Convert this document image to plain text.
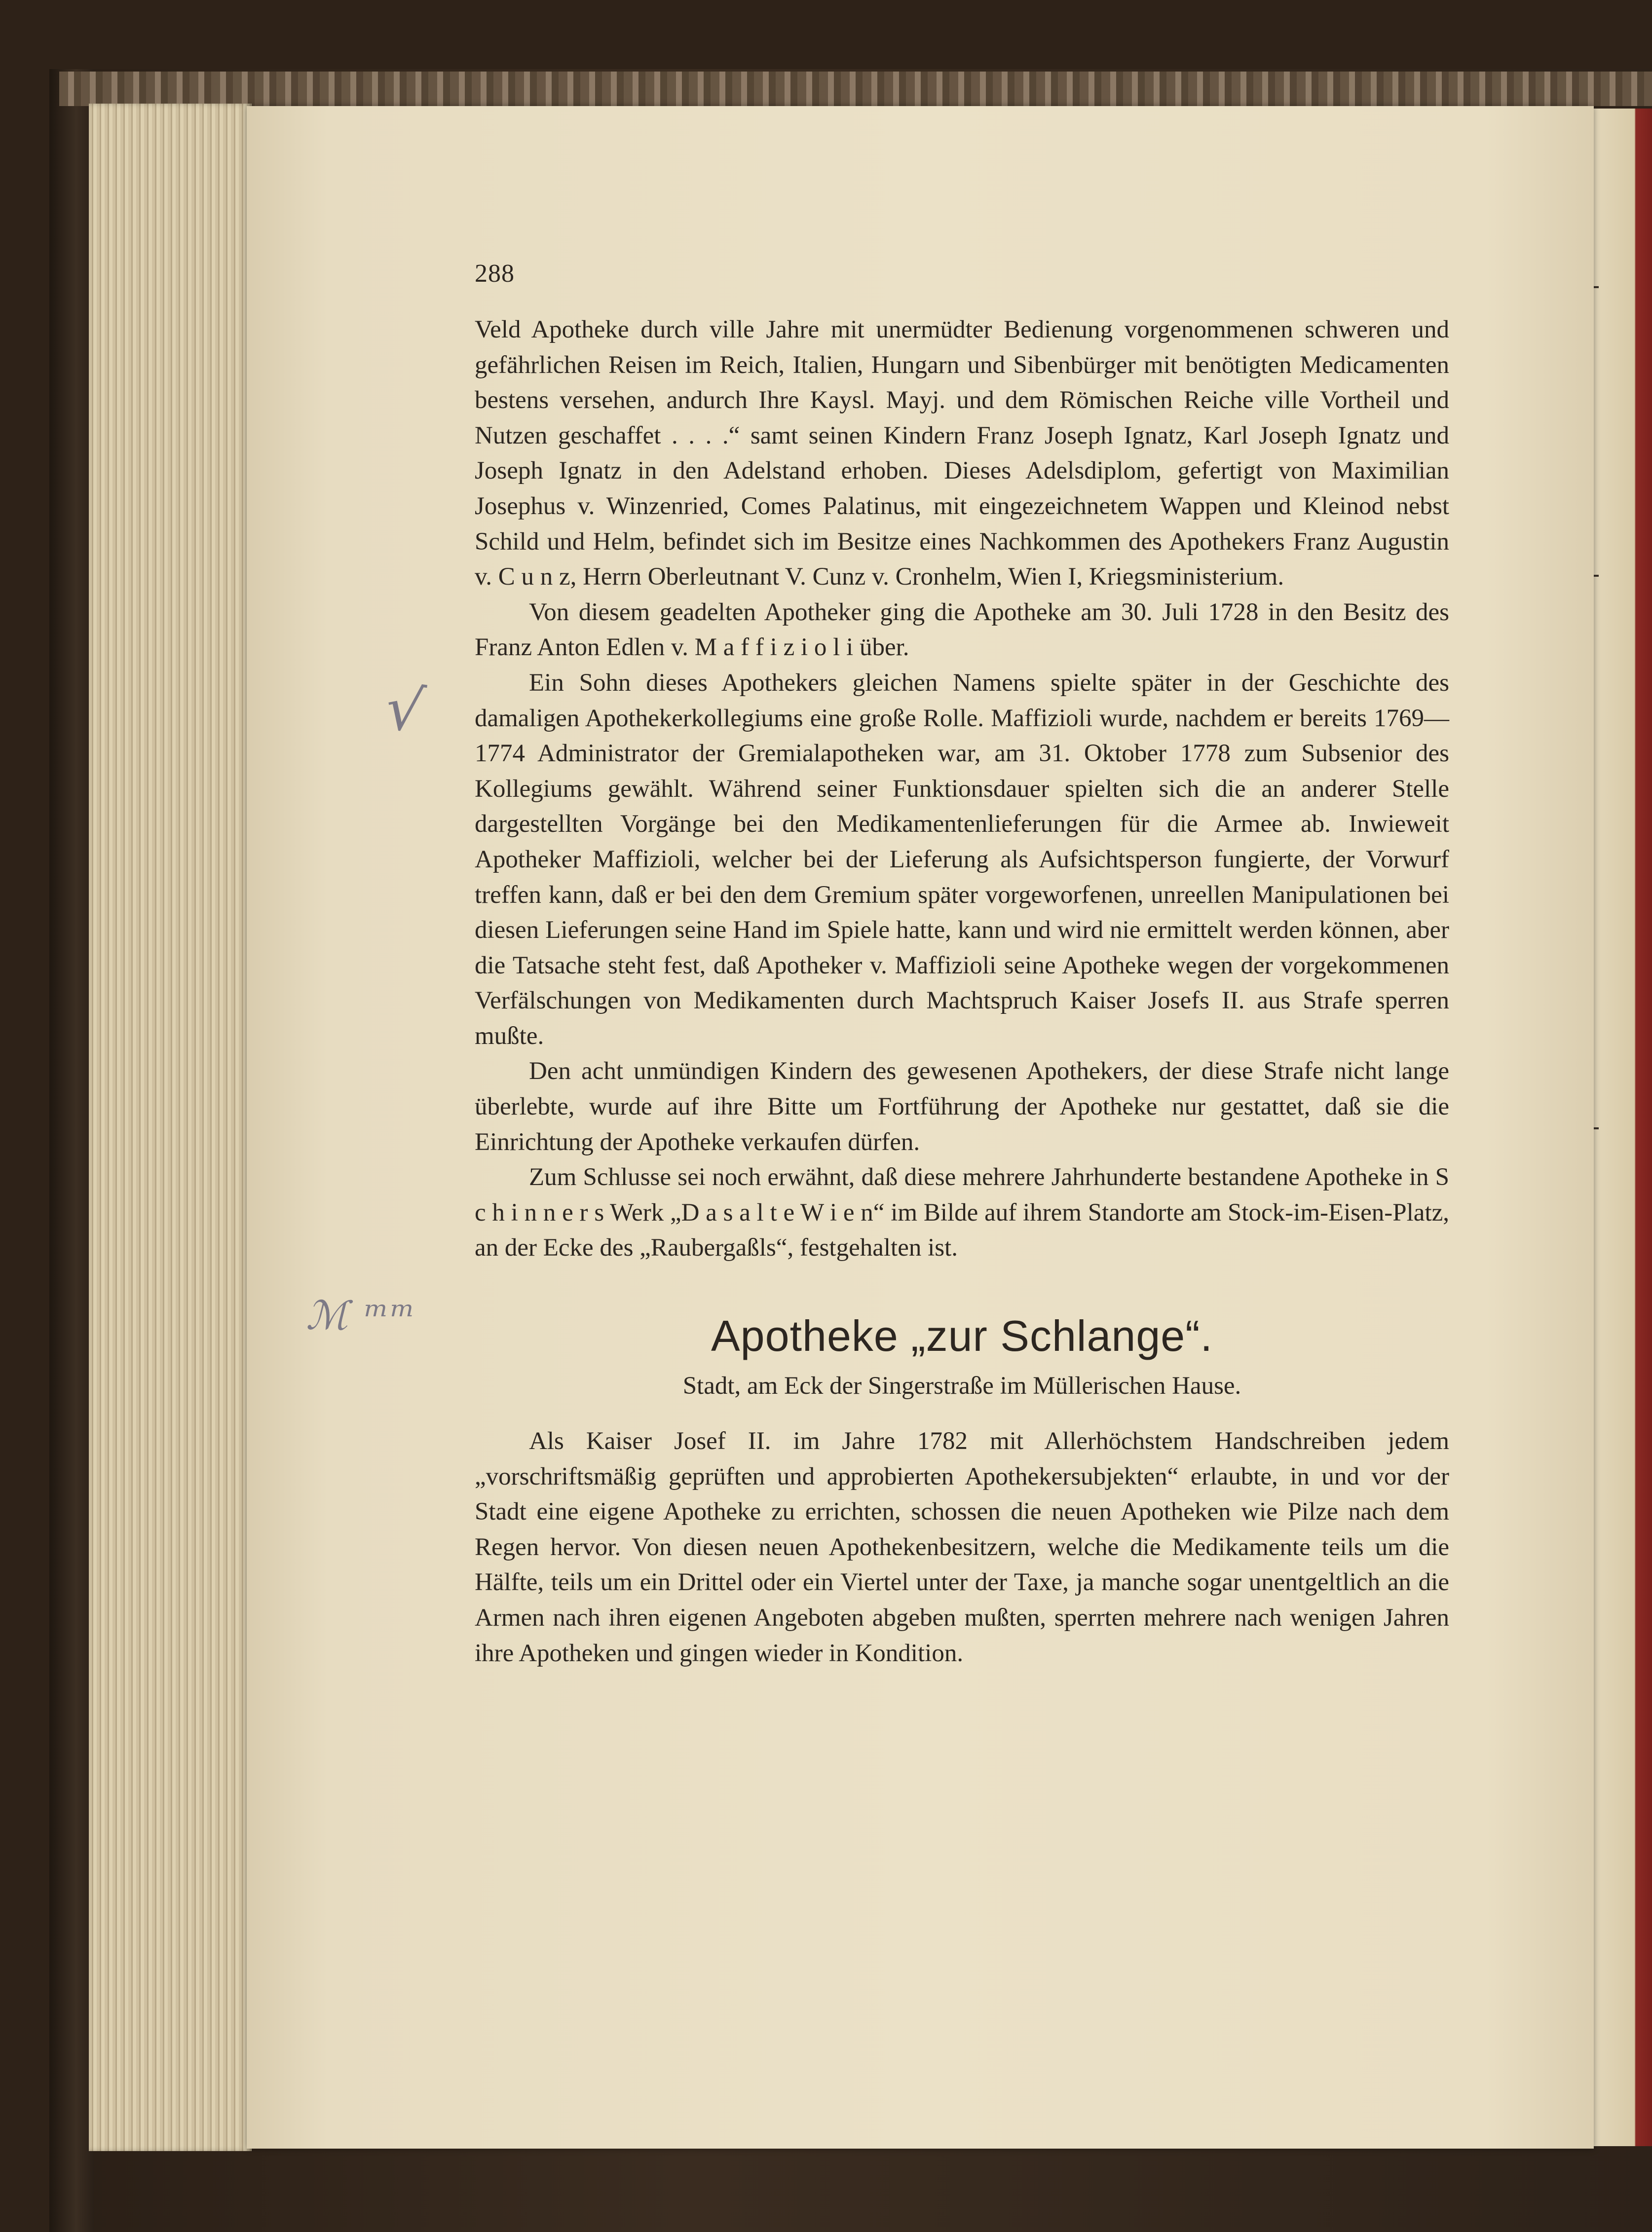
√
ℳ ᵐᵐ
288

Veld Apotheke durch ville Jahre mit unermüdter Bedienung vorgenommenen schweren und gefährlichen Reisen im Reich, Italien, Hungarn und Sibenbürger mit benötigten Medicamenten bestens versehen, andurch Ihre Kaysl. Mayj. und dem Römischen Reiche ville Vortheil und Nutzen geschaffet . . . .“ samt seinen Kindern Franz Joseph Ignatz, Karl Joseph Ignatz und Joseph Ignatz in den Adelstand erhoben. Dieses Adelsdiplom, gefertigt von Maximilian Josephus v. Winzenried, Comes Palatinus, mit eingezeichnetem Wappen und Kleinod nebst Schild und Helm, befindet sich im Besitze eines Nachkommen des Apothekers Franz Augustin v. C u n z, Herrn Oberleutnant V. Cunz v. Cronhelm, Wien I, Kriegsministerium.

Von diesem geadelten Apotheker ging die Apotheke am 30. Juli 1728 in den Besitz des Franz Anton Edlen v. M a f f i z i o l i über.

Ein Sohn dieses Apothekers gleichen Namens spielte später in der Geschichte des damaligen Apothekerkollegiums eine große Rolle. Maffizioli wurde, nachdem er bereits 1769—1774 Administrator der Gremialapotheken war, am 31. Oktober 1778 zum Subsenior des Kollegiums gewählt. Während seiner Funktionsdauer spielten sich die an anderer Stelle dargestellten Vorgänge bei den Medikamentenlieferungen für die Armee ab. Inwieweit Apotheker Maffizioli, welcher bei der Lieferung als Aufsichtsperson fungierte, der Vorwurf treffen kann, daß er bei den dem Gremium später vorgeworfenen, unreellen Manipulationen bei diesen Lieferungen seine Hand im Spiele hatte, kann und wird nie ermittelt werden können, aber die Tatsache steht fest, daß Apotheker v. Maffizioli seine Apotheke wegen der vorgekommenen Verfälschungen von Medikamenten durch Machtspruch Kaiser Josefs II. aus Strafe sperren mußte.

Den acht unmündigen Kindern des gewesenen Apothekers, der diese Strafe nicht lange überlebte, wurde auf ihre Bitte um Fortführung der Apotheke nur gestattet, daß sie die Einrichtung der Apotheke verkaufen dürfen.

Zum Schlusse sei noch erwähnt, daß diese mehrere Jahrhunderte bestandene Apotheke in S c h i n n e r s Werk „D a s a l t e W i e n“ im Bilde auf ihrem Standorte am Stock-im-Eisen-Platz, an der Ecke des „Raubergaßls“, festgehalten ist.

Apotheke „zur Schlange“.
Stadt, am Eck der Singerstraße im Müllerischen Hause.

Als Kaiser Josef II. im Jahre 1782 mit Allerhöchstem Handschreiben jedem „vorschriftsmäßig geprüften und approbierten Apothekersubjekten“ erlaubte, in und vor der Stadt eine eigene Apotheke zu errichten, schossen die neuen Apotheken wie Pilze nach dem Regen hervor. Von diesen neuen Apothekenbesitzern, welche die Medikamente teils um die Hälfte, teils um ein Drittel oder ein Viertel unter der Taxe, ja manche sogar unentgeltlich an die Armen nach ihren eigenen Angeboten abgeben mußten, sperrten mehrere nach wenigen Jahren ihre Apotheken und gingen wieder in Kondition.
